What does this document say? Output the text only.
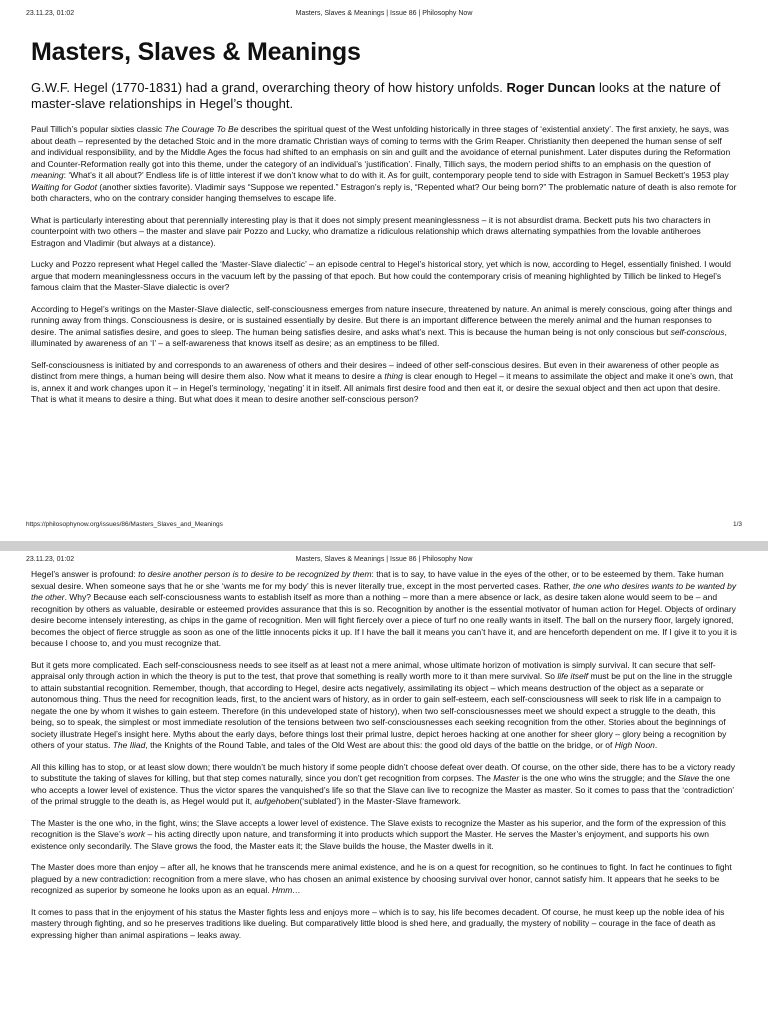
23.11.23, 01:02	Masters, Slaves & Meanings | Issue 86 | Philosophy Now
Masters, Slaves & Meanings

G.W.F. Hegel (1770-1831) had a grand, overarching theory of how history unfolds. Roger Duncan looks at the nature of master-slave relationships in Hegel’s thought.

Paul Tillich’s popular sixties classic The Courage To Be describes the spiritual quest of the West unfolding historically in three stages of ‘existential anxiety’. The first anxiety, he says, was about death – represented by the detached Stoic and in the more dramatic Christian ways of coming to terms with the Grim Reaper. Christianity then deepened the human sense of self and individual responsibility, and by the Middle Ages the focus had shifted to an emphasis on sin and guilt and the avoidance of eternal punishment. Later disputes during the Reformation and Counter-Reformation really got into this theme, under the category of an individual’s ‘justification’. Finally, Tillich says, the modern period shifts to an emphasis on the question of meaning: ‘What’s it all about?’ Endless life is of little interest if we don’t know what to do with it. As for guilt, contemporary people tend to side with Estragon in Samuel Beckett’s 1953 play Waiting for Godot (another sixties favorite). Vladimir says “Suppose we repented.” Estragon’s reply is, “Repented what? Our being born?” The problematic nature of death is also remote for both characters, who on the contrary consider hanging themselves to escape life.

What is particularly interesting about that perennially interesting play is that it does not simply present meaninglessness – it is not absurdist drama. Beckett puts his two characters in counterpoint with two others – the master and slave pair Pozzo and Lucky, who dramatize a ridiculous relationship which draws alternating sympathies from the lovable antiheroes Estragon and Vladimir (but always at a distance).

Lucky and Pozzo represent what Hegel called the ‘Master-Slave dialectic’ – an episode central to Hegel’s historical story, yet which is now, according to Hegel, essentially finished. I would argue that modern meaninglessness occurs in the vacuum left by the passing of that epoch. But how could the contemporary crisis of meaning highlighted by Tillich be linked to Hegel’s famous claim that the Master-Slave dialectic is over?

According to Hegel’s writings on the Master-Slave dialectic, self-consciousness emerges from nature insecure, threatened by nature. An animal is merely conscious, going after things and running away from things. Consciousness is desire, or is sustained essentially by desire. But there is an important difference between the merely animal and the human responses to desire. The animal satisfies desire, and goes to sleep. The human being satisfies desire, and asks what’s next. This is because the human being is not only conscious but self-conscious, illuminated by awareness of an ‘I’ – a self-awareness that knows itself as desire; as an emptiness to be filled.

Self-consciousness is initiated by and corresponds to an awareness of others and their desires – indeed of other self-conscious desires. But even in their awareness of other people as distinct from mere things, a human being will desire them also. Now what it means to desire a thing is clear enough to Hegel – it means to assimilate the object and make it one’s own, that is, annex it and work changes upon it – in Hegel’s terminology, ‘negating’ it in itself. All animals first desire food and then eat it, or desire the sexual object and then act upon that desire. That is what it means to desire a thing. But what does it mean to desire another self-conscious person?

https://philosophynow.org/issues/86/Masters_Slaves_and_Meanings	1/3
23.11.23, 01:02	Masters, Slaves & Meanings | Issue 86 | Philosophy Now

Hegel’s answer is profound: to desire another person is to desire to be recognized by them: that is to say, to have value in the eyes of the other, or to be esteemed by them. Take human sexual desire. When someone says that he or she ‘wants me for my body’ this is never literally true, except in the most perverted cases. Rather, the one who desires wants to be wanted by the other. Why? Because each self-consciousness wants to establish itself as more than a nothing – more than a mere absence or lack, as desire taken alone would seem to be – and recognition by others as valuable, desirable or esteemed provides assurance that this is so. Recognition by another is the essential motivator of human action for Hegel. Objects of ordinary desire become intensely interesting, as chips in the game of recognition. Men will fight fiercely over a piece of turf no one really wants in itself. The ball on the nursery floor, largely ignored, becomes the object of fierce struggle as soon as one of the little innocents picks it up. If I have the ball it means you can’t have it, and are henceforth dependent on me. If I give it to you it is because I choose to, and you must recognize that.

But it gets more complicated. Each self-consciousness needs to see itself as at least not a mere animal, whose ultimate horizon of motivation is simply survival. It can secure that self-appraisal only through action in which the theory is put to the test, that prove that something is really worth more to it than mere survival. So life itself must be put on the line in the struggle to attain substantial recognition. Remember, though, that according to Hegel, desire acts negatively, assimilating its object – which means destruction of the object as a separate or autonomous thing. Thus the need for recognition leads, first, to the ancient wars of history, as in order to gain self-esteem, each self-consciousness will seek to risk life in a campaign to negate the one by whom it wishes to gain esteem. Therefore (in this undeveloped state of history), when two self-consciousnesses meet we should expect a struggle to the death, this being, so to speak, the simplest or most immediate resolution of the tensions between two self-consciousnesses each seeking recognition from the other. Stories about the beginnings of society illustrate Hegel’s insight here. Myths about the early days, before things lost their primal lustre, depict heroes hacking at one another for sheer glory – glory being a recognition by others of your status. The Iliad, the Knights of the Round Table, and tales of the Old West are about this: the good old days of the battle on the bridge, or of High Noon.

All this killing has to stop, or at least slow down; there wouldn’t be much history if some people didn’t choose defeat over death. Of course, on the other side, there has to be a victory ready to substitute the taking of slaves for killing, but that step comes naturally, since you don’t get recognition from corpses. The Master is the one who wins the struggle; and the Slave the one who accepts a lower level of existence. Thus the victor spares the vanquished’s life so that the Slave can live to recognize the Master as master. So it comes to pass that the ‘contradiction’ of the primal struggle to the death is, as Hegel would put it, aufgehoben(‘sublated’) in the Master-Slave framework.

The Master is the one who, in the fight, wins; the Slave accepts a lower level of existence. The Slave exists to recognize the Master as his superior, and the form of the expression of this recognition is the Slave’s work – his acting directly upon nature, and transforming it into products which support the Master. He serves the Master’s enjoyment, and supports his own existence only secondarily. The Slave grows the food, the Master eats it; the Slave builds the house, the Master dwells in it.

The Master does more than enjoy – after all, he knows that he transcends mere animal existence, and he is on a quest for recognition, so he continues to fight. In fact he continues to fight plagued by a new contradiction: recognition from a mere slave, who has chosen an animal existence by choosing survival over honor, cannot satisfy him. It appears that he seeks to be recognized as superior by someone he looks upon as an equal. Hmm…

It comes to pass that in the enjoyment of his status the Master fights less and enjoys more – which is to say, his life becomes decadent. Of course, he must keep up the noble idea of his mastery through fighting, and so he preserves traditions like dueling. But comparatively little blood is shed here, and gradually, the mystery of nobility – courage in the face of death as expressing higher than animal aspirations – leaks away.
